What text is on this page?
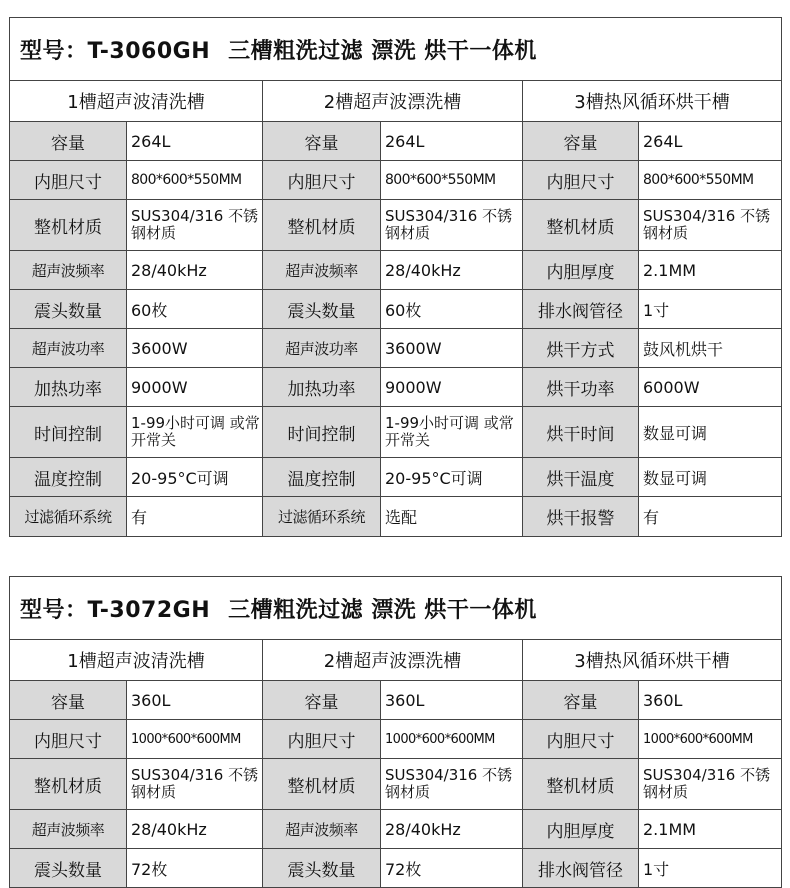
型号：T-3060GH 三槽粗洗过滤 漂洗 烘干一体机					
1槽超声波清洗槽		2槽超声波漂洗槽		3槽热风循环烘干槽	
容量	264L	容量	264L	容量	264L
内胆尺寸	800*600*550MM	内胆尺寸	800*600*550MM	内胆尺寸	800*600*550MM
整机材质	SUS304/316 不锈钢材质	整机材质	SUS304/316 不锈钢材质	整机材质	SUS304/316 不锈钢材质
超声波频率	28/40kHz	超声波频率	28/40kHz	内胆厚度	2.1MM
震头数量	60枚	震头数量	60枚	排水阀管径	1寸
超声波功率	3600W	超声波功率	3600W	烘干方式	鼓风机烘干
加热功率	9000W	加热功率	9000W	烘干功率	6000W
时间控制	1-99小时可调 或常开常关	时间控制	1-99小时可调 或常开常关	烘干时间	数显可调
温度控制	20-95°C可调	温度控制	20-95°C可调	烘干温度	数显可调
过滤循环系统	有	过滤循环系统	选配	烘干报警	有
型号：T-3072GH 三槽粗洗过滤 漂洗 烘干一体机					
1槽超声波清洗槽		2槽超声波漂洗槽		3槽热风循环烘干槽	
容量	360L	容量	360L	容量	360L
内胆尺寸	1000*600*600MM	内胆尺寸	1000*600*600MM	内胆尺寸	1000*600*600MM
整机材质	SUS304/316 不锈钢材质	整机材质	SUS304/316 不锈钢材质	整机材质	SUS304/316 不锈钢材质
超声波频率	28/40kHz	超声波频率	28/40kHz	内胆厚度	2.1MM
震头数量	72枚	震头数量	72枚	排水阀管径	1寸
